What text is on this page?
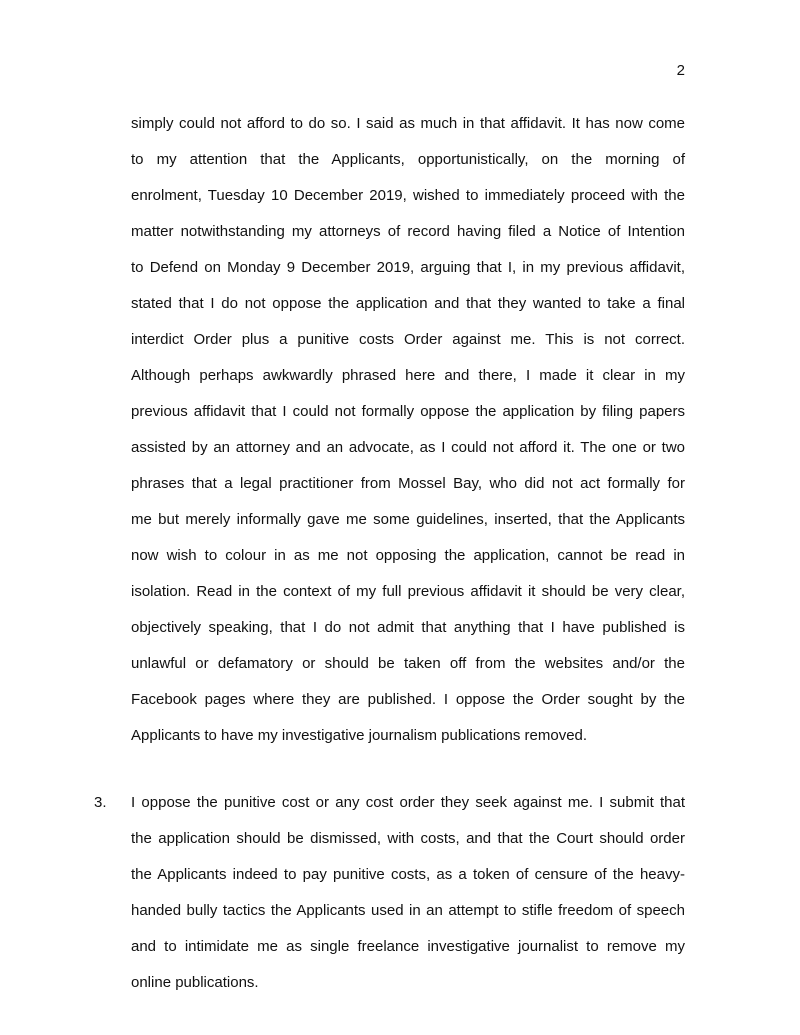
2
simply could not afford to do so. I said as much in that affidavit. It has now come
to my attention that the Applicants, opportunistically, on the morning of
enrolment, Tuesday 10 December 2019, wished to immediately proceed with the
matter notwithstanding my attorneys of record having filed a Notice of Intention
to Defend on Monday 9 December 2019, arguing that I, in my previous affidavit,
stated that I do not oppose the application and that they wanted to take a final
interdict Order plus a punitive costs Order against me. This is not correct.
Although perhaps awkwardly phrased here and there, I made it clear in my
previous affidavit that I could not formally oppose the application by filing papers
assisted by an attorney and an advocate, as I could not afford it. The one or two
phrases that a legal practitioner from Mossel Bay, who did not act formally for
me but merely informally gave me some guidelines, inserted, that the Applicants
now wish to colour in as me not opposing the application, cannot be read in
isolation. Read in the context of my full previous affidavit it should be very clear,
objectively speaking, that I do not admit that anything that I have published is
unlawful or defamatory or should be taken off from the websites and/or the
Facebook pages where they are published. I oppose the Order sought by the
Applicants to have my investigative journalism publications removed.
3. I oppose the punitive cost or any cost order they seek against me. I submit that
the application should be dismissed, with costs, and that the Court should order
the Applicants indeed to pay punitive costs, as a token of censure of the heavy-
handed bully tactics the Applicants used in an attempt to stifle freedom of speech
and to intimidate me as single freelance investigative journalist to remove my
online publications.
